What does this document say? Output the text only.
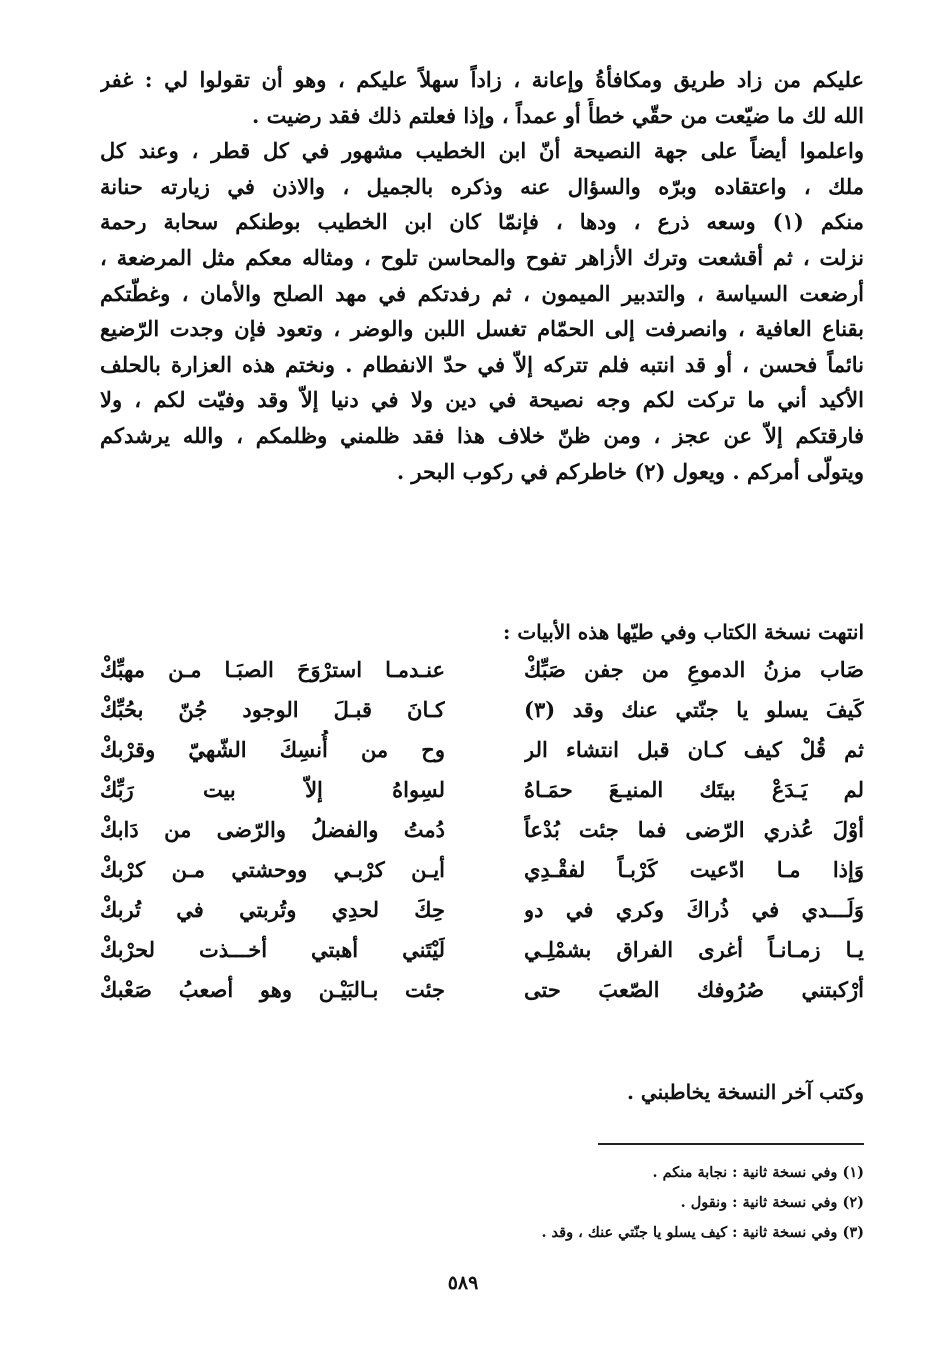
عليكم من زاد طريق ومكافأةُ وإعانة ، زاداً سهلاً عليكم ، وهو أن تقولوا لي : غفر
الله لك ما ضيّعت من حقّي خطأً أو عمداً ، وإذا فعلتم ذلك فقد رضيت .
واعلموا أيضاً على جهة النصيحة أنّ ابن الخطيب مشهور في كل قطر ، وعند كل
ملك ، واعتقاده وبرّه والسؤال عنه وذكره بالجميل ، والاذن في زيارته حنانة
منكم (١) وسعه ذرع ، ودها ، فإنمّا كان ابن الخطيب بوطنكم سحابة رحمة
نزلت ، ثم أقشعت وترك الأزاهر تفوح والمحاسن تلوح ، ومثاله معكم مثل المرضعة ،
أرضعت السياسة ، والتدبير الميمون ، ثم رفدتكم في مهد الصلح والأمان ، وغطّتكم
بقناع العافية ، وانصرفت إلى الحمّام تغسل اللبن والوضر ، وتعود فإن وجدت الرّضيع
نائماً فحسن ، أو قد انتبه فلم تتركه إلاّ في حدّ الانفطام . ونختم هذه العزارة بالحلف
الأكيد أني ما تركت لكم وجه نصيحة في دين ولا في دنيا إلاّ وقد وفيّت لكم ، ولا
فارقتكم إلاّ عن عجز ، ومن ظنّ خلاف هذا فقد ظلمني وظلمكم ، والله يرشدكم
ويتولّى أمركم . ويعول (٢) خاطركم في ركوب البحر .
انتهت نسخة الكتاب وفي طيّها هذه الأبيات :
صَاب مزنُ الدموعِ من جفن صَبِّكْ
عنـدمـا استرْوَحَ الصبَـا مـن مهبِّكْ
كَيفَ يسلو يا جنّتي عنك وقد (٣)
كـانَ قبـلَ الوجود جُنّ بحُبِّكْ
ثم قُلْ كيف كـان قبل انتشاء الر
وح من أُنسِكَ الشّهيّ وقرْبكْ
لم يَـدَعْ بيتَك المنيـعَ حمَـاهُ
لسِواهُ إلاّ بيت رَبِّكْ
أوْلَ عُذري الرّضى فما جئت بُدْعاً
دُمتُ والفضلُ والرّضى من دَابكْ
وَإذا مـا ادّعيت كَرْبـاً لفقْـدِي
أيـن كرْبـي ووحشتي مـن كرْبكْ
وَلَـــدي في ذُراكَ وكري في دو
حِكَ لحدِي وتُربتي في تُربكْ
يـا زمـانـاً أغرى الفراق بشمْلِـي
لَيْتَني أهبتي أخـــذت لحرْبكْ
أرْكبتني صُرُوفك الصّعبَ حتى
جئت بـالبَيْـن وهو أصعبُ صَعْبكْ
وكتب آخر النسخة يخاطبني .
(١) وفي نسخة ثانية : نجابة منكم .
(٢) وفي نسخة ثانية : ونقول .
(٣) وفي نسخة ثانية : كيف يسلو يا جنّتي عنك ، وقد .
٥٨٩
